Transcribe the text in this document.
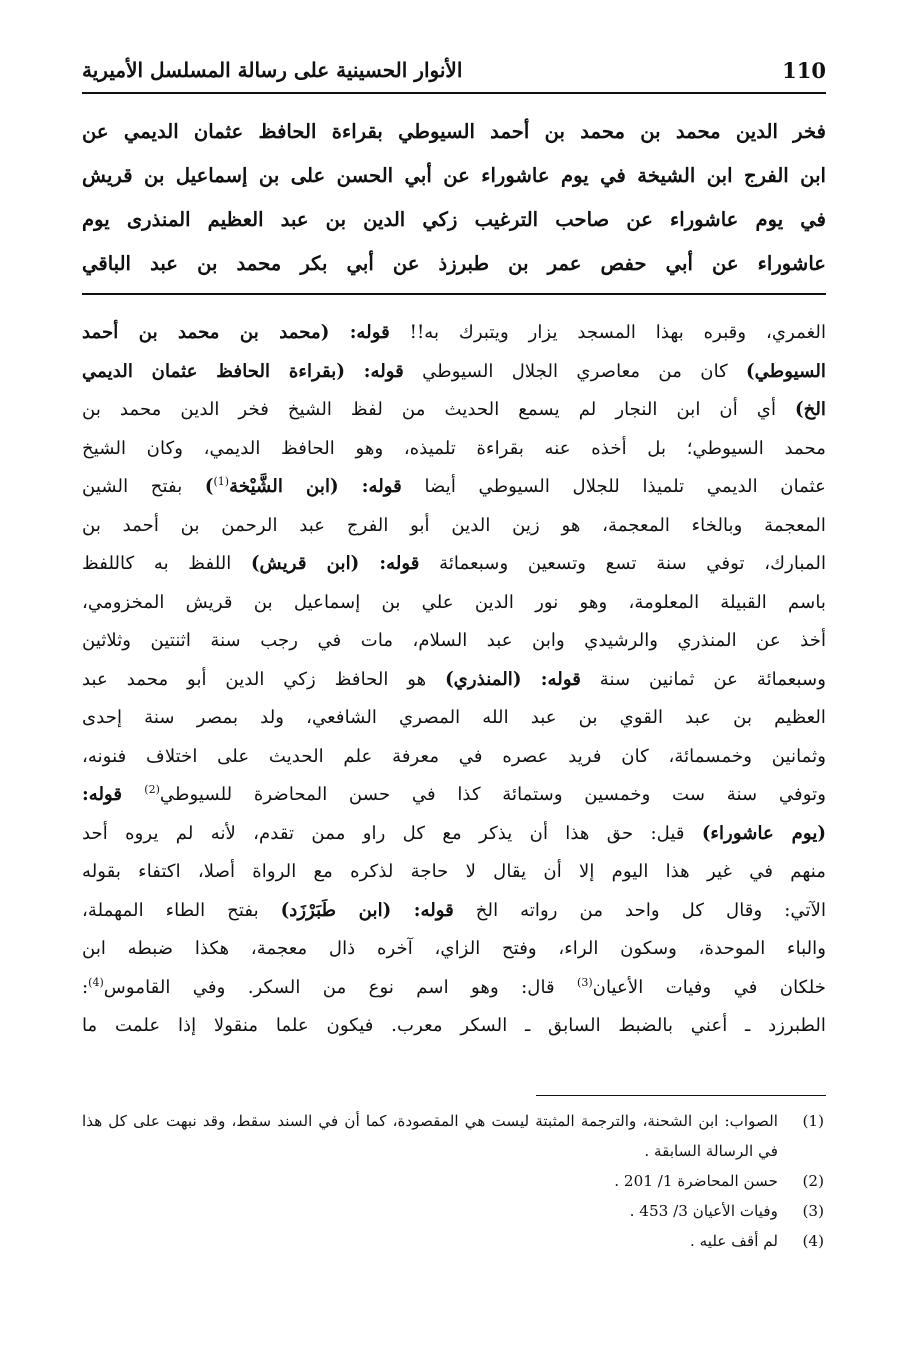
110
الأنوار الحسينية على رسالة المسلسل الأميرية
فخر الدين محمد بن محمد بن أحمد السيوطي بقراءة الحافظ عثمان الديمي عن
ابن الفرج ابن الشيخة في يوم عاشوراء عن أبي الحسن على بن إسماعيل بن قريش
في يوم عاشوراء عن صاحب الترغيب زكي الدين بن عبد العظيم المنذرى يوم
عاشوراء عن أبي حفص عمر بن طبرزذ عن أبي بكر محمد بن عبد الباقي
الغمري، وقبره بهذا المسجد يزار ويتبرك به!! قوله: (محمد بن محمد بن أحمد
السيوطي) كان من معاصري الجلال السيوطي قوله: (بقراءة الحافظ عثمان الديمي
الخ) أي أن ابن النجار لم يسمع الحديث من لفظ الشيخ فخر الدين محمد بن
محمد السيوطي؛ بل أخذه عنه بقراءة تلميذه، وهو الحافظ الديمي، وكان الشيخ
عثمان الديمي تلميذا للجلال السيوطي أيضا قوله: (ابن الشَّيْخة$^{(1)}$) بفتح الشين
المعجمة وبالخاء المعجمة، هو زين الدين أبو الفرج عبد الرحمن بن أحمد بن
المبارك، توفي سنة تسع وتسعين وسبعمائة قوله: (ابن قريش) اللفظ به كاللفظ
باسم القبيلة المعلومة، وهو نور الدين علي بن إسماعيل بن قريش المخزومي،
أخذ عن المنذري والرشيدي وابن عبد السلام، مات في رجب سنة اثنتين وثلاثين
وسبعمائة عن ثمانين سنة قوله: (المنذري) هو الحافظ زكي الدين أبو محمد عبد
العظيم بن عبد القوي بن عبد الله المصري الشافعي، ولد بمصر سنة إحدى
وثمانين وخمسمائة، كان فريد عصره في معرفة علم الحديث على اختلاف فنونه،
وتوفي سنة ست وخمسين وستمائة كذا في حسن المحاضرة للسيوطي$^{(2)}$ قوله:
(يوم عاشوراء) قيل: حق هذا أن يذكر مع كل راو ممن تقدم، لأنه لم يروه أحد
منهم في غير هذا اليوم إلا أن يقال لا حاجة لذكره مع الرواة أصلا، اكتفاء بقوله
الآتي: وقال كل واحد من رواته الخ قوله: (ابن طَبَرْزَد) بفتح الطاء المهملة،
والباء الموحدة، وسكون الراء، وفتح الزاي، آخره ذال معجمة، هكذا ضبطه ابن
خلكان في وفيات الأعيان$^{(3)}$ قال: وهو اسم نوع من السكر. وفي القاموس$^{(4)}$:
الطبرزد ـ أعني بالضبط السابق ـ السكر معرب. فيكون علما منقولا إذا علمت ما
(1)
الصواب: ابن الشحنة، والترجمة المثبتة ليست هي المقصودة، كما أن في السند سقط، وقد نبهت على كل هذا في الرسالة السابقة .
(2)
حسن المحاضرة 1/ 201 .
(3)
وفيات الأعيان 3/ 453 .
(4)
لم أقف عليه .
